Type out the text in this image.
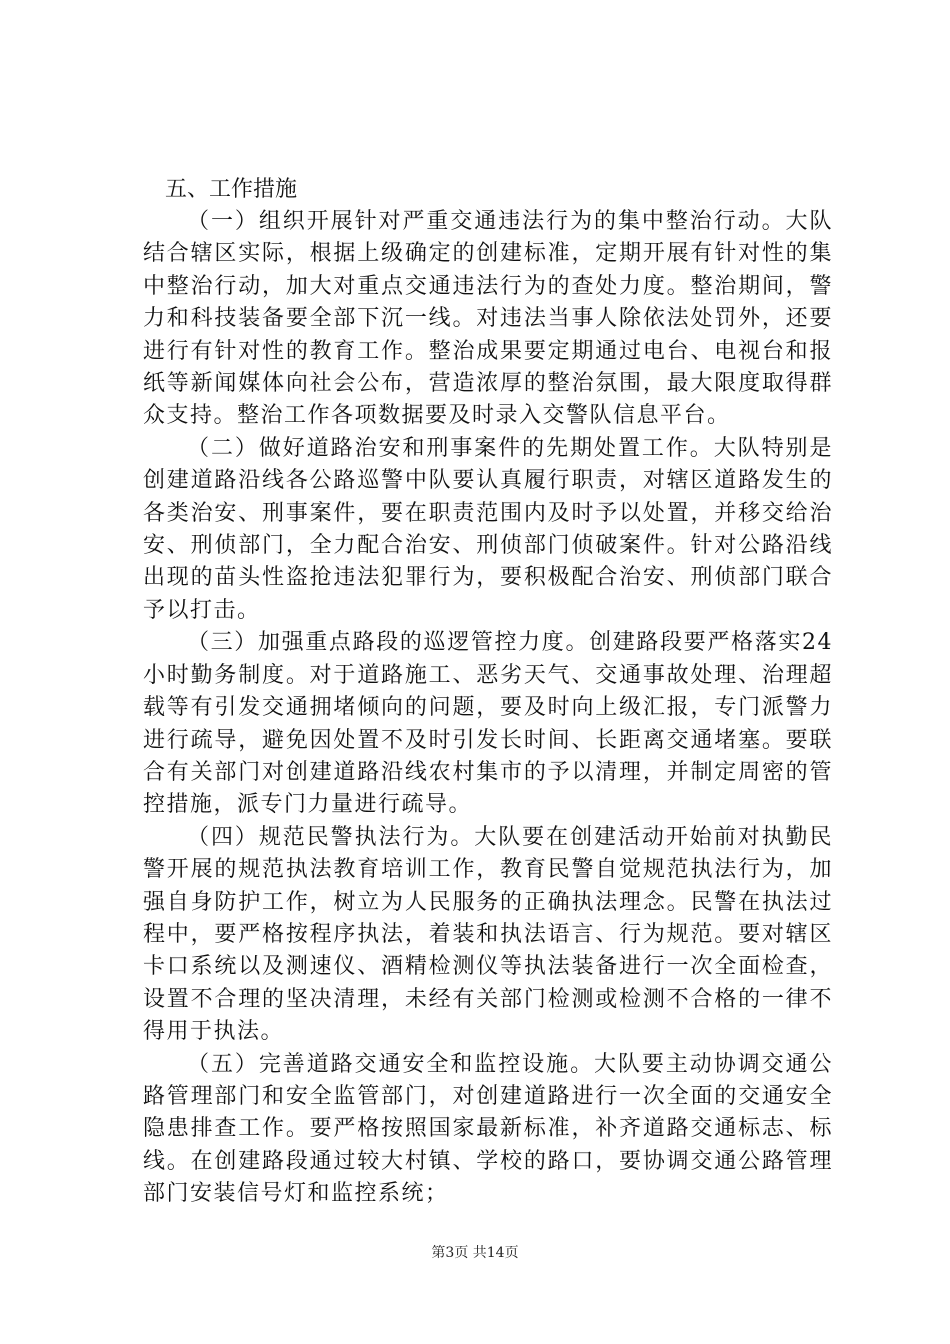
五、工作措施

（一）组织开展针对严重交通违法行为的集中整治行动。大队结合辖区实际，根据上级确定的创建标准，定期开展有针对性的集中整治行动，加大对重点交通违法行为的查处力度。整治期间，警力和科技装备要全部下沉一线。对违法当事人除依法处罚外，还要进行有针对性的教育工作。整治成果要定期通过电台、电视台和报纸等新闻媒体向社会公布，营造浓厚的整治氛围，最大限度取得群众支持。整治工作各项数据要及时录入交警队信息平台。

（二）做好道路治安和刑事案件的先期处置工作。大队特别是创建道路沿线各公路巡警中队要认真履行职责，对辖区道路发生的各类治安、刑事案件，要在职责范围内及时予以处置，并移交给治安、刑侦部门，全力配合治安、刑侦部门侦破案件。针对公路沿线出现的苗头性盗抢违法犯罪行为，要积极配合治安、刑侦部门联合予以打击。

（三）加强重点路段的巡逻管控力度。创建路段要严格落实24小时勤务制度。对于道路施工、恶劣天气、交通事故处理、治理超载等有引发交通拥堵倾向的问题，要及时向上级汇报，专门派警力进行疏导，避免因处置不及时引发长时间、长距离交通堵塞。要联合有关部门对创建道路沿线农村集市的予以清理，并制定周密的管控措施，派专门力量进行疏导。

（四）规范民警执法行为。大队要在创建活动开始前对执勤民警开展的规范执法教育培训工作，教育民警自觉规范执法行为，加强自身防护工作，树立为人民服务的正确执法理念。民警在执法过程中，要严格按程序执法，着装和执法语言、行为规范。要对辖区卡口系统以及测速仪、酒精检测仪等执法装备进行一次全面检查，设置不合理的坚决清理，未经有关部门检测或检测不合格的一律不得用于执法。

（五）完善道路交通安全和监控设施。大队要主动协调交通公路管理部门和安全监管部门，对创建道路进行一次全面的交通安全隐患排查工作。要严格按照国家最新标准，补齐道路交通标志、标线。在创建路段通过较大村镇、学校的路口，要协调交通公路管理部门安装信号灯和监控系统；

第3页 共14页
